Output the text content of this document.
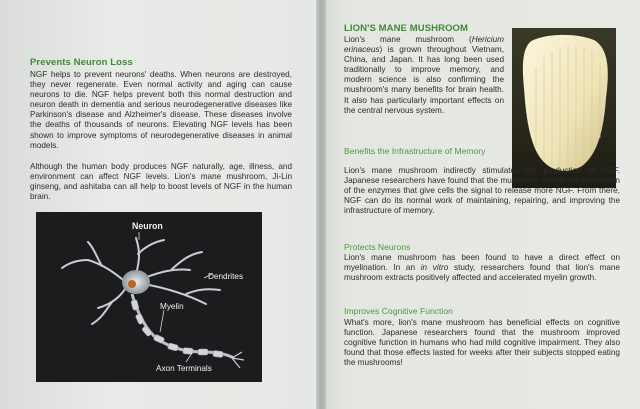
Prevents Neuron Loss
NGF helps to prevent neurons' deaths. When neurons are destroyed, they never regenerate. Even normal activity and aging can cause neurons to die. NGF helps prevent both this normal destruction and neuron death in dementia and serious neurodegenerative diseases like Parkinson's disease and Alzheimer's disease. These diseases involve the deaths of thousands of neurons. Elevating NGF levels has been shown to improve symptoms of neurodegenerative diseases in animal models.
Although the human body produces NGF naturally, age, illness, and environment can affect NGF levels. Lion's mane mushroom, Ji-Lin ginseng, and ashitaba can all help to boost levels of NGF in the human brain.
Neuron
Dendrites
Myelin
Axon Terminals
LION'S MANE MUSHROOM
Lion's mane mushroom (Hericium erinaceus) is grown throughout Vietnam, China, and Japan. It has long been used traditionally to improve memory, and modern science is also confirming the mushroom's many benefits for brain health. It also has particularly important effects on the central nervous system.
Benefits the Infrastructure of Memory
Lion's mane mushroom indirectly stimulates the production of NGF. Japanese researchers have found that the mushroom affects the production of the enzymes that give cells the signal to release more NGF. From there, NGF can do its normal work of maintaining, repairing, and improving the infrastructure of memory.
Protects Neurons
Lion's mane mushroom has been found to have a direct effect on myelination. In an in vitro study, researchers found that lion's mane mushroom extracts positively affected and accelerated myelin growth.
Improves Cognitive Function
What's more, lion's mane mushroom has beneficial effects on cognitive function. Japanese researchers found that the mushroom improved cognitive function in humans who had mild cognitive impairment. They also found that those effects lasted for weeks after their subjects stopped eating the mushrooms!
